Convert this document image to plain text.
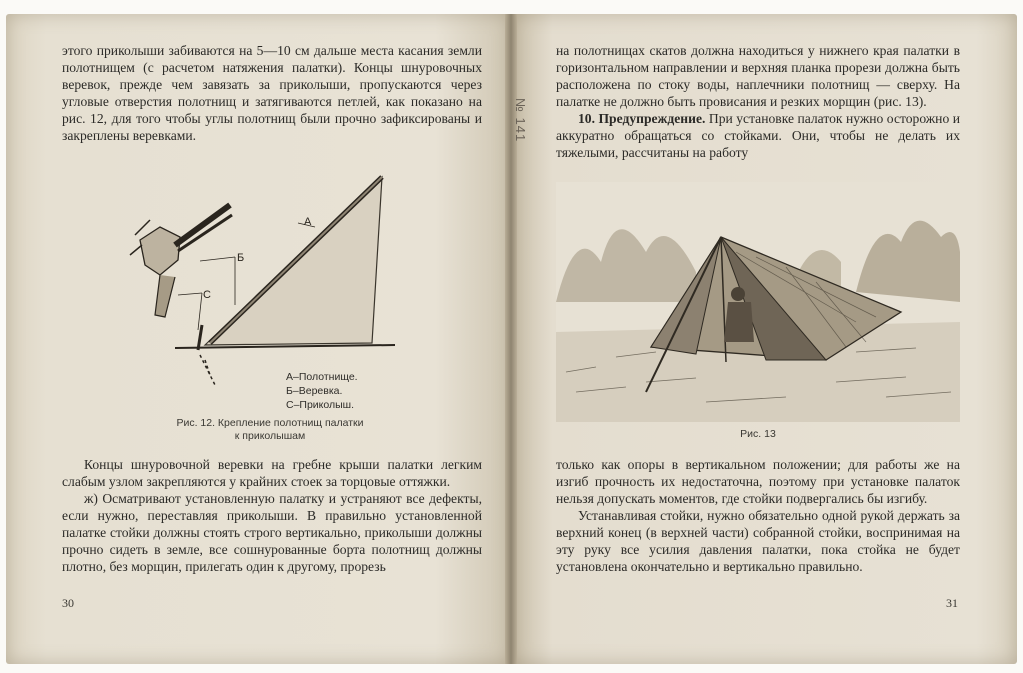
этого приколыши забиваются на 5—10 см дальше места касания земли полотнищем (с расчетом натяжения палатки). Концы шнуровочных веревок, прежде чем завязать за приколыши, пропускаются через угловые отверстия полотнищ и затягиваются петлей, как показано на рис. 12, для того чтобы углы полотнищ были прочно зафиксированы и закреплены веревками.

А
Б
С
А–Полотнище.
Б–Веревка.
С–Приколыш.
Рис. 12. Крепление полотнищ палатки
к приколышам

Концы шнуровочной веревки на гребне крыши палатки легким слабым узлом закрепляются у крайних стоек за торцовые оттяжки.

ж) Осматривают установленную палатку и устраняют все дефекты, если нужно, переставляя приколыши. В правильно установленной палатке стойки должны стоять строго вертикально, приколыши должны прочно сидеть в земле, все сошнурованные борта полотнищ должны плотно, без морщин, прилегать один к другому, прорезь

30
№ 141

на полотнищах скатов должна находиться у нижнего края палатки в горизонтальном направлении и верхняя планка прорези должна быть расположена по стоку воды, наплечники полотнищ — сверху. На палатке не должно быть провисания и резких морщин (рис. 13).

10. Предупреждение. При установке палаток нужно осторожно и аккуратно обращаться со стойками. Они, чтобы не делать их тяжелыми, рассчитаны на работу

Рис. 13

только как опоры в вертикальном положении; для работы же на изгиб прочность их недостаточна, поэтому при установке палаток нельзя допускать моментов, где стойки подвергались бы изгибу.

Устанавливая стойки, нужно обязательно одной рукой держать за верхний конец (в верхней части) собранной стойки, воспринимая на эту руку все усилия давления палатки, пока стойка не будет установлена окончательно и вертикально правильно.

31
